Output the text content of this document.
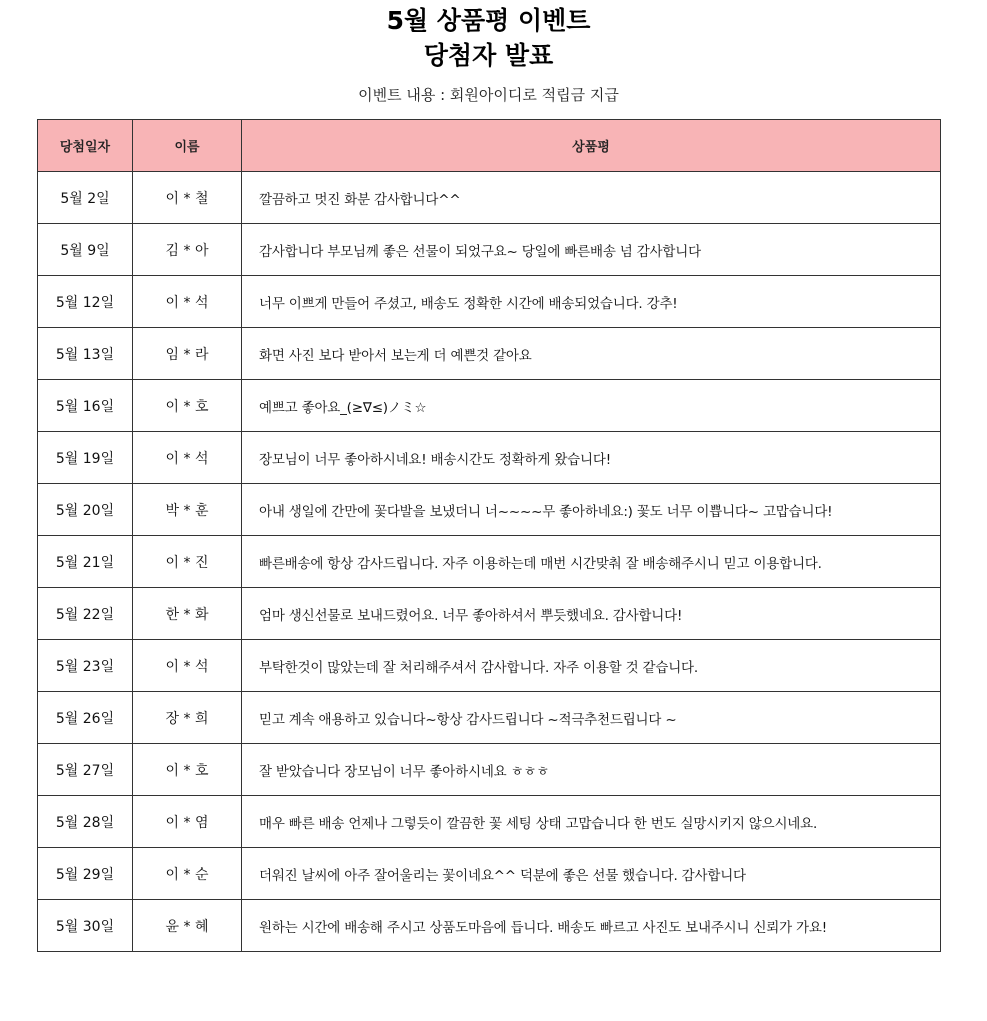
5월 상품평 이벤트
당첨자 발표
이벤트 내용 : 회원아이디로 적립금 지급
당첨일자	이름	상품평
5월 2일	이 * 철	깔끔하고 멋진 화분 감사합니다^^
5월 9일	김 * 아	감사합니다 부모님께 좋은 선물이 되었구요~ 당일에 빠른배송 넘 감사합니다
5월 12일	이 * 석	너무 이쁘게 만들어 주셨고, 배송도 정확한 시간에 배송되었습니다. 강추!
5월 13일	임 * 라	화면 사진 보다 받아서 보는게 더 예쁜것 같아요
5월 16일	이 * 호	예쁘고 좋아요_(≥∇≤)ノミ☆
5월 19일	이 * 석	장모님이 너무 좋아하시네요! 배송시간도 정확하게 왔습니다!
5월 20일	박 * 훈	아내 생일에 간만에 꽃다발을 보냈더니 너~~~~무 좋아하네요:) 꽃도 너무 이쁩니다~ 고맙습니다!
5월 21일	이 * 진	빠른배송에 항상 감사드립니다. 자주 이용하는데 매번 시간맞춰 잘 배송해주시니 믿고 이용합니다.
5월 22일	한 * 화	엄마 생신선물로 보내드렸어요. 너무 좋아하셔서 뿌듯했네요. 감사합니다!
5월 23일	이 * 석	부탁한것이 많았는데 잘 처리해주셔서 감사합니다. 자주 이용할 것 같습니다.
5월 26일	장 * 희	믿고 계속 애용하고 있습니다~항상 감사드립니다 ~적극추천드립니다 ~
5월 27일	이 * 호	잘 받았습니다 장모님이 너무 좋아하시네요 ㅎㅎㅎ
5월 28일	이 * 염	매우 빠른 배송 언제나 그렇듯이 깔끔한 꽃 세팅 상태 고맙습니다 한 번도 실망시키지 않으시네요.
5월 29일	이 * 순	더워진 날씨에 아주 잘어울리는 꽃이네요^^ 덕분에 좋은 선물 했습니다. 감사합니다
5월 30일	윤 * 혜	원하는 시간에 배송해 주시고 상품도마음에 듭니다. 배송도 빠르고 사진도 보내주시니 신뢰가 가요!
